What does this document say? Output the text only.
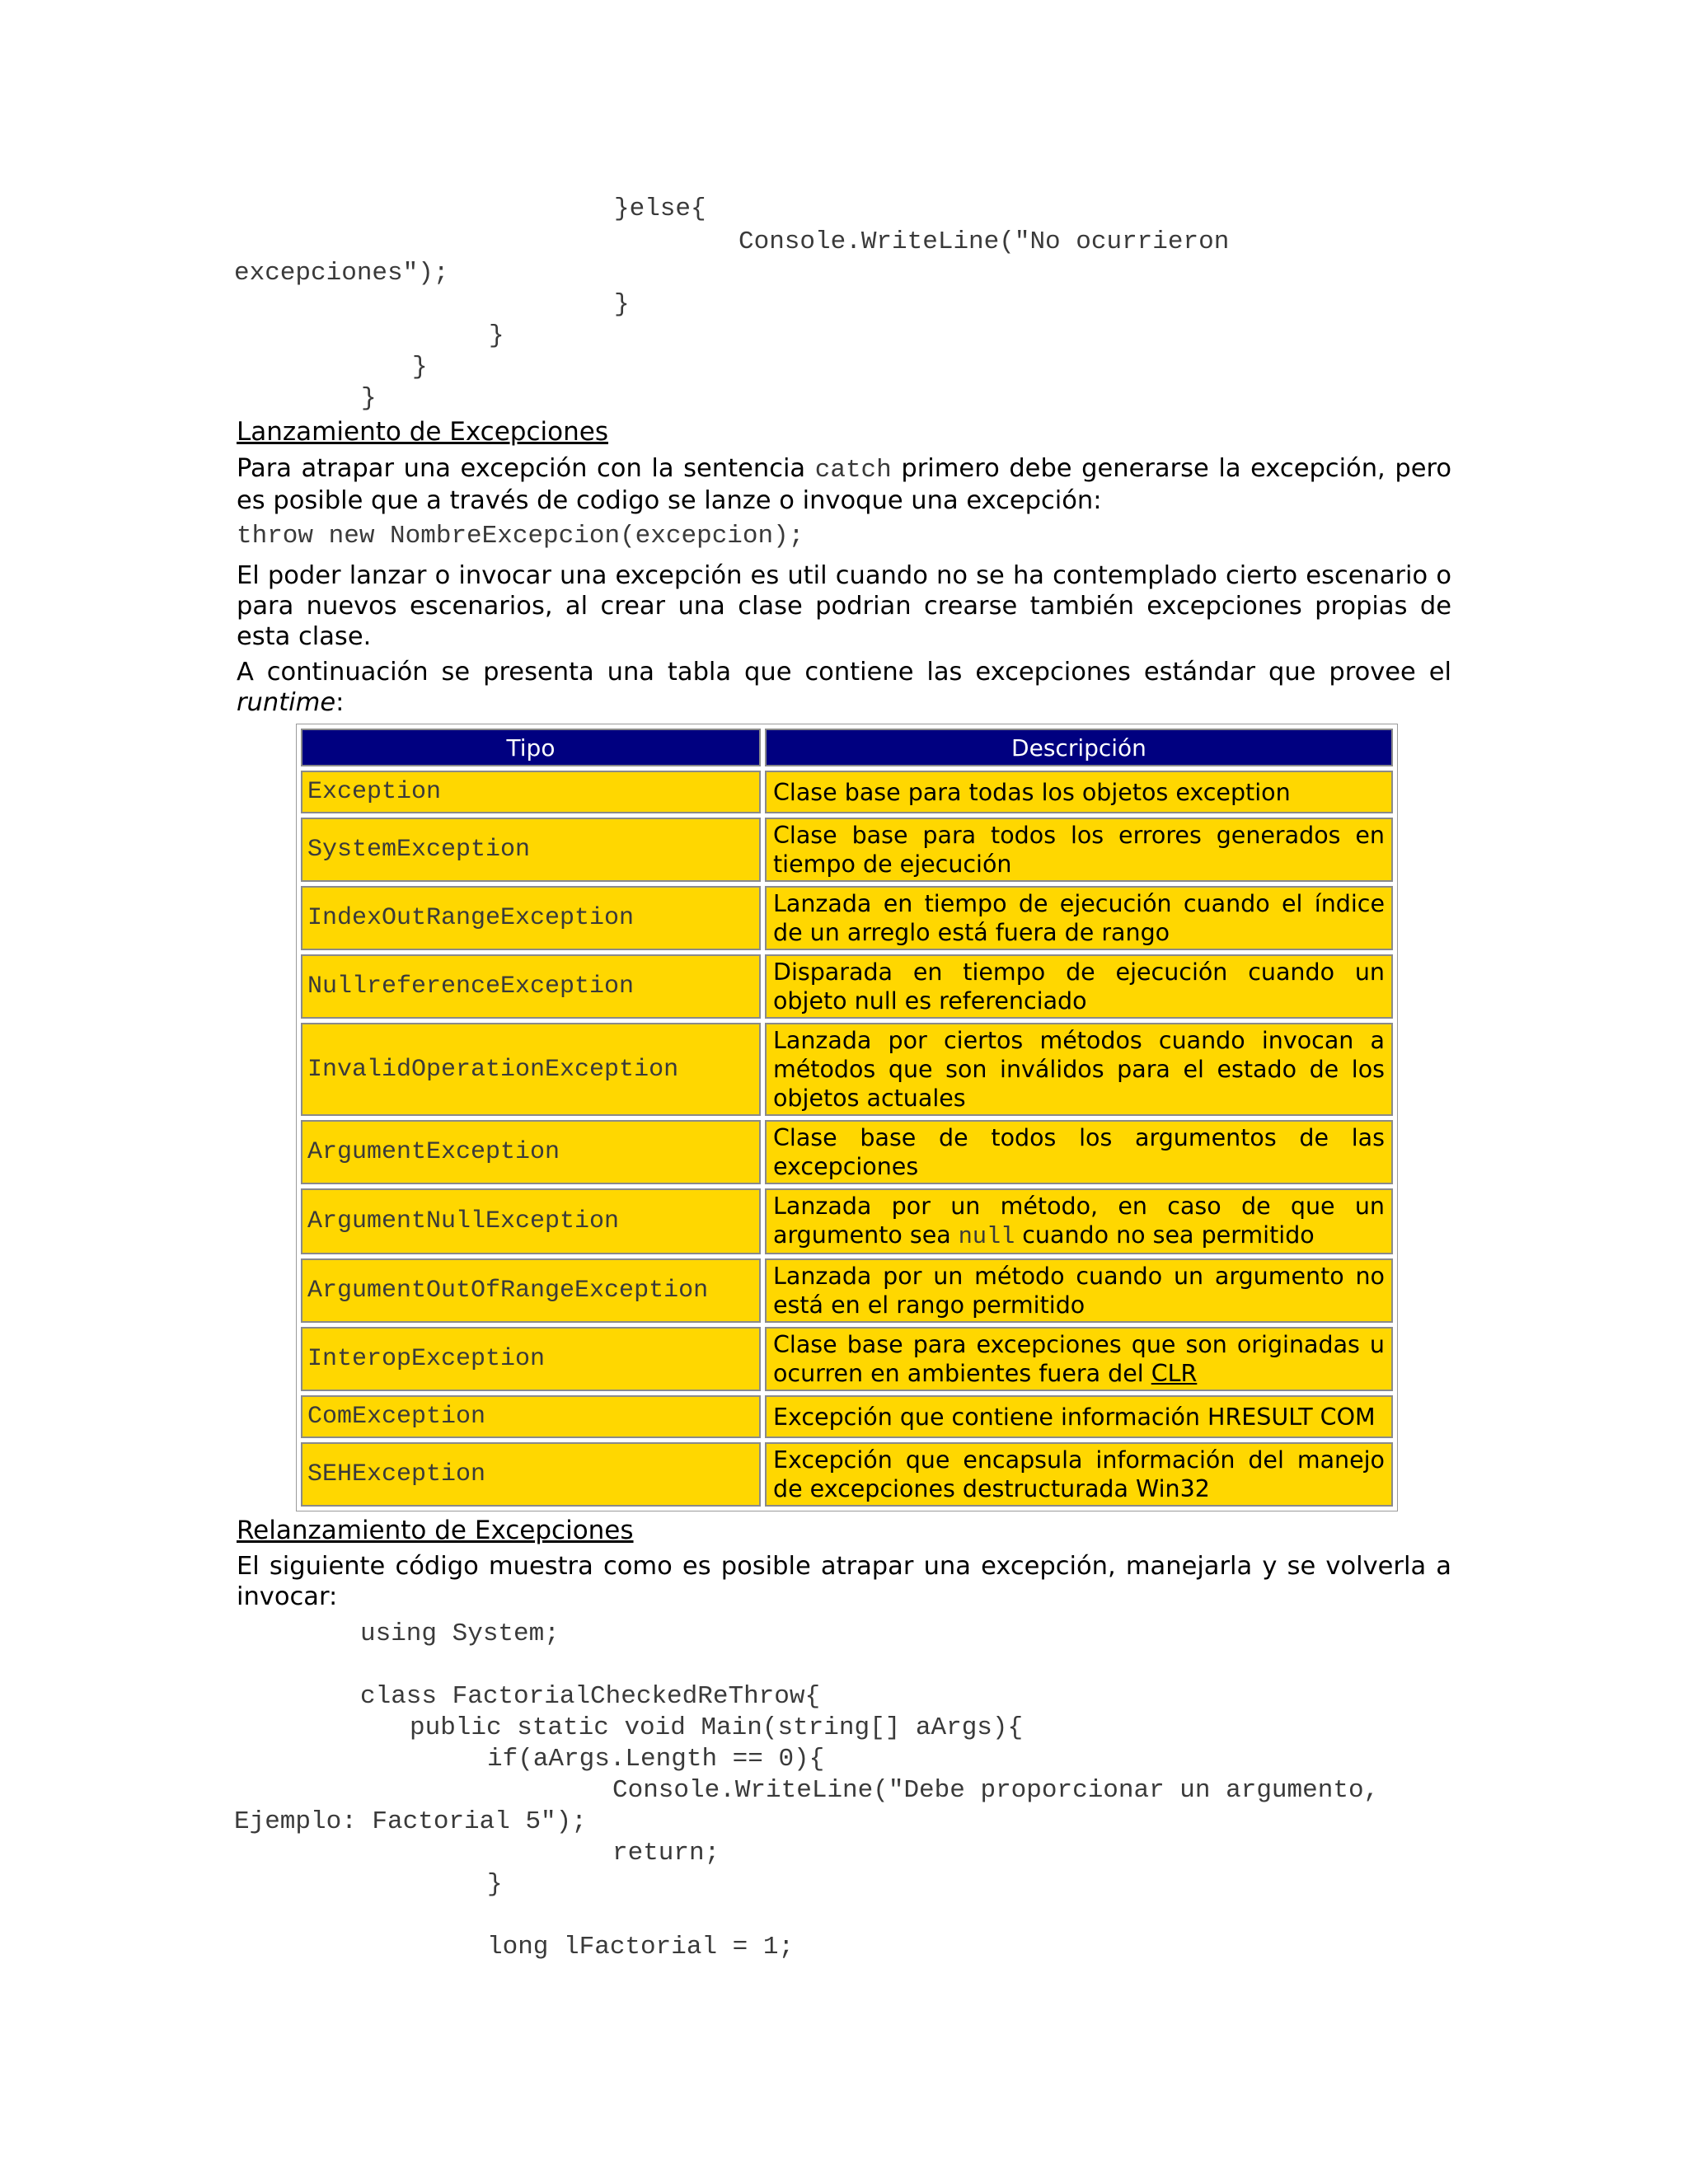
}else{

Console.WriteLine("No ocurrieron

excepciones");

}

}

}

}

Lanzamiento de Excepciones

Para atrapar una excepción con la sentencia catch primero debe generarse la excepción, pero es posible que a través de codigo se lanze o invoque una excepción:

throw new NombreExcepcion(excepcion);

El poder lanzar o invocar una excepción es util cuando no se ha contemplado cierto escenario o para nuevos escenarios, al crear una clase podrian crearse también excepciones propias de esta clase.

A continuación se presenta una tabla que contiene las excepciones estándar que provee el runtime:

Tipo	Descripción
Exception	Clase base para todas los objetos exception
SystemException	Clase base para todos los errores generados en tiempo de ejecución
IndexOutRangeException	Lanzada en tiempo de ejecución cuando el índice de un arreglo está fuera de rango
NullreferenceException	Disparada en tiempo de ejecución cuando un objeto null es referenciado
InvalidOperationException	Lanzada por ciertos métodos cuando invocan a métodos que son inválidos para el estado de los objetos actuales
ArgumentException	Clase base de todos los argumentos de las excepciones
ArgumentNullException	Lanzada por un método, en caso de que un argumento sea null cuando no sea permitido
ArgumentOutOfRangeException	Lanzada por un método cuando un argumento no está en el rango permitido
InteropException	Clase base para excepciones que son originadas u ocurren en ambientes fuera del CLR
ComException	Excepción que contiene información HRESULT COM
SEHException	Excepción que encapsula información del manejo de excepciones destructurada Win32
Relanzamiento de Excepciones

El siguiente código muestra como es posible atrapar una excepción, manejarla y se volverla a invocar:

using System;

class FactorialCheckedReThrow{

public static void Main(string[] aArgs){

if(aArgs.Length == 0){

Console.WriteLine("Debe proporcionar un argumento,

Ejemplo: Factorial 5");

return;

}

long lFactorial = 1;
